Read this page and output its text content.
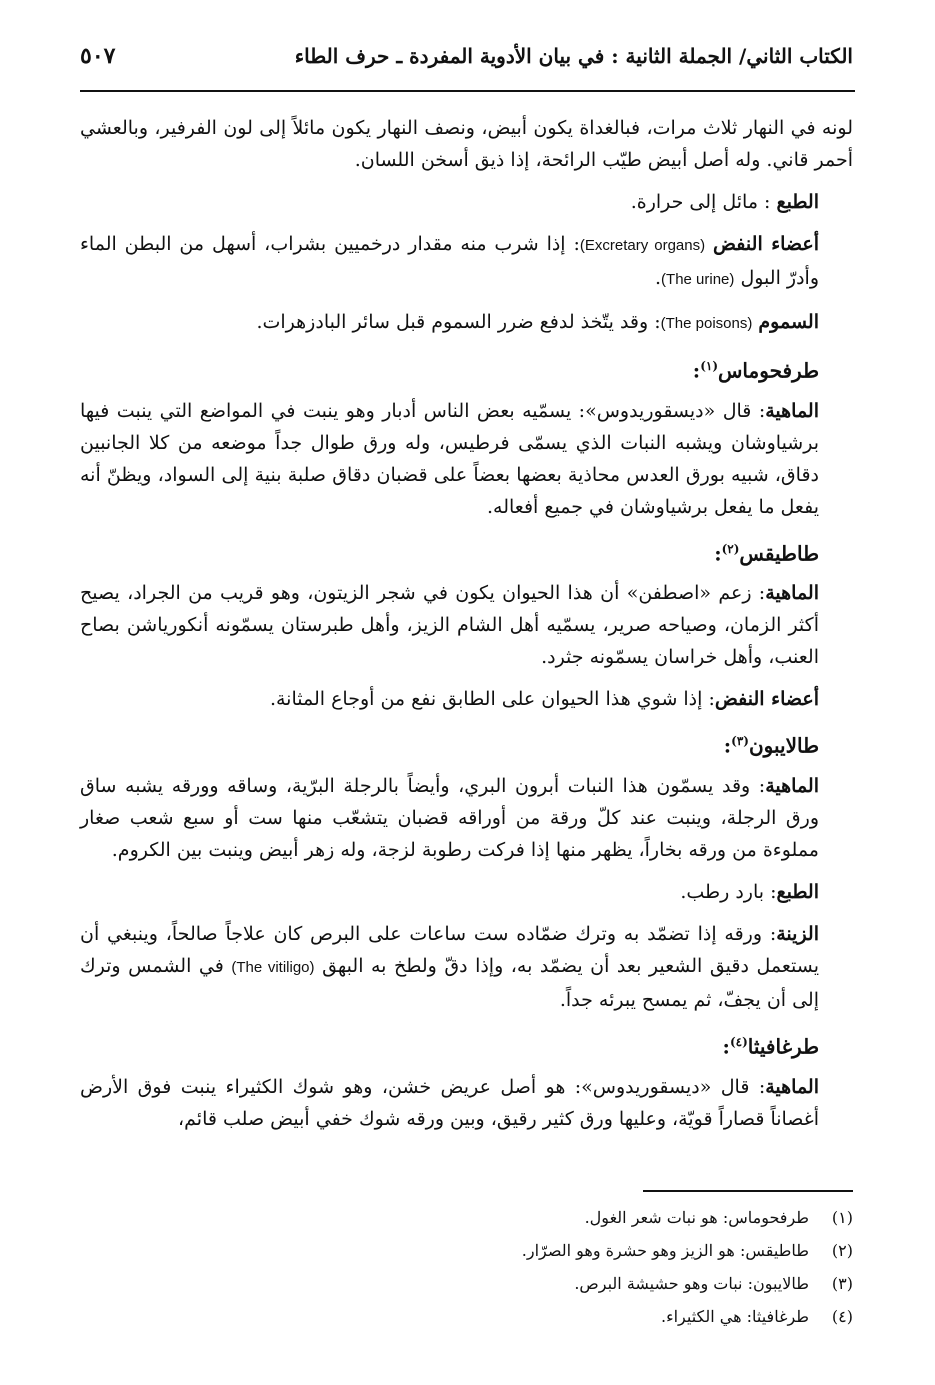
الكتاب الثاني/ الجملة الثانية : في بيان الأدوية المفردة ـ حرف الطاء
٥٠٧

لونه في النهار ثلاث مرات، فبالغداة يكون أبيض، ونصف النهار يكون مائلاً إلى لون الفرفير، وبالعشي أحمر قاني. وله أصل أبيض طيّب الرائحة، إذا ذيق أسخن اللسان.

الطبع : مائل إلى حرارة.

أعضاء النفض (Excretary organs): إذا شرب منه مقدار درخميين بشراب، أسهل من البطن الماء وأدرّ البول (The urine).

السموم (The poisons): وقد يتّخذ لدفع ضرر السموم قبل سائر البادزهرات.

طرفحوماس$^{(١)}$:

الماهية: قال «ديسقوريدوس»: يسمّيه بعض الناس أدبار وهو ينبت في المواضع التي ينبت فيها برشياوشان ويشبه النبات الذي يسمّى فرطيس، وله ورق طوال جداً موضعه من كلا الجانبين دقاق، شبيه بورق العدس محاذية بعضها بعضاً على قضبان دقاق صلبة بنية إلى السواد، ويظنّ أنه يفعل ما يفعل برشياوشان في جميع أفعاله.

طاطيقس$^{(٢)}$:

الماهية: زعم «اصطفن» أن هذا الحيوان يكون في شجر الزيتون، وهو قريب من الجراد، يصيح أكثر الزمان، وصياحه صرير، يسمّيه أهل الشام الزيز، وأهل طبرستان يسمّونه أنكورياشن بصاح العنب، وأهل خراسان يسمّونه جثرد.

أعضاء النفض: إذا شوي هذا الحيوان على الطابق نفع من أوجاع المثانة.

طالايبون$^{(٣)}$:

الماهية: وقد يسمّون هذا النبات أبرون البري، وأيضاً بالرجلة البرّية، وساقه وورقه يشبه ساق ورق الرجلة، وينبت عند كلّ ورقة من أوراقه قضبان يتشعّب منها ست أو سبع شعب صغار مملوءة من ورقه بخاراً، يظهر منها إذا فركت رطوبة لزجة، وله زهر أبيض وينبت بين الكروم.

الطبع: بارد رطب.

الزينة: ورقه إذا تضمّد به وترك ضمّاده ست ساعات على البرص كان علاجاً صالحاً، وينبغي أن يستعمل دقيق الشعير بعد أن يضمّد به، وإذا دقّ ولطخ به البهق (The vitiligo) في الشمس وترك إلى أن يجفّ، ثم يمسح يبرئه جداً.

طرغافيثا$^{(٤)}$:

الماهية: قال «ديسقوريدوس»: هو أصل عريض خشن، وهو شوك الكثيراء ينبت فوق الأرض أغصاناً قصاراً قويّة، وعليها ورق كثير رقيق، وبين ورقه شوك خفي أبيض صلب قائم،

(١)
طرفحوماس: هو نبات شعر الغول.
(٢)
طاطيقس: هو الزيز وهو حشرة وهو الصرّار.
(٣)
طالايبون: نبات وهو حشيشة البرص.
(٤)
طرغافيثا: هي الكثيراء.
